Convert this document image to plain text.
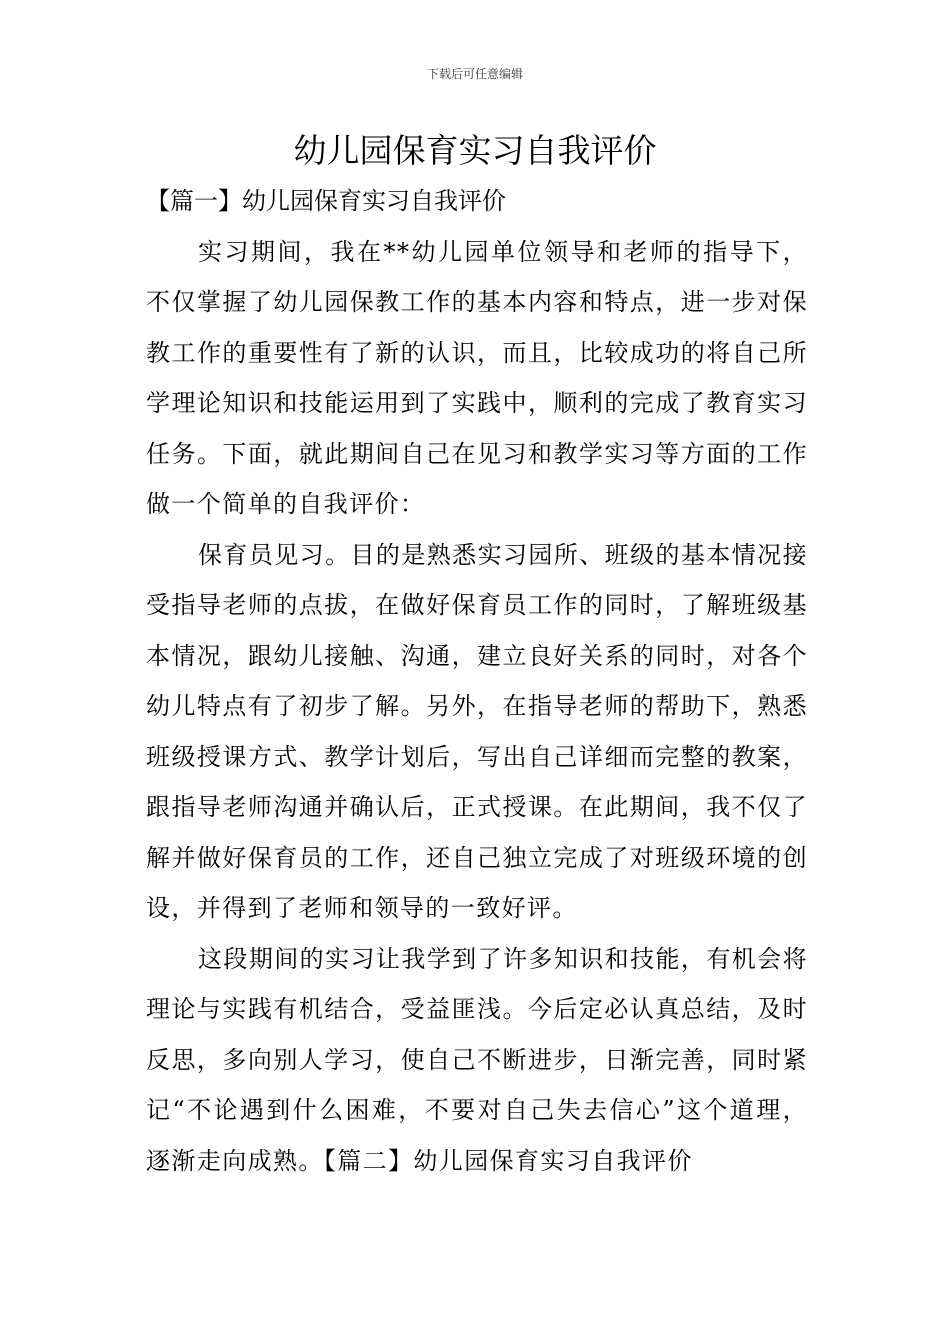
下载后可任意编辑
幼儿园保育实习自我评价
【篇一】幼儿园保育实习自我评价

实习期间，我在**幼儿园单位领导和老师的指导下，不仅掌握了幼儿园保教工作的基本内容和特点，进一步对保教工作的重要性有了新的认识，而且，比较成功的将自己所学理论知识和技能运用到了实践中，顺利的完成了教育实习任务。下面，就此期间自己在见习和教学实习等方面的工作做一个简单的自我评价：

保育员见习。目的是熟悉实习园所、班级的基本情况接受指导老师的点拔，在做好保育员工作的同时，了解班级基本情况，跟幼儿接触、沟通，建立良好关系的同时，对各个幼儿特点有了初步了解。另外，在指导老师的帮助下，熟悉班级授课方式、教学计划后，写出自己详细而完整的教案，跟指导老师沟通并确认后，正式授课。在此期间，我不仅了解并做好保育员的工作，还自己独立完成了对班级环境的创设，并得到了老师和领导的一致好评。

这段期间的实习让我学到了许多知识和技能，有机会将理论与实践有机结合，受益匪浅。今后定必认真总结，及时反思，多向别人学习，使自己不断进步，日渐完善，同时紧记“不论遇到什么困难，不要对自己失去信心”这个道理，逐渐走向成熟。【篇二】幼儿园保育实习自我评价
